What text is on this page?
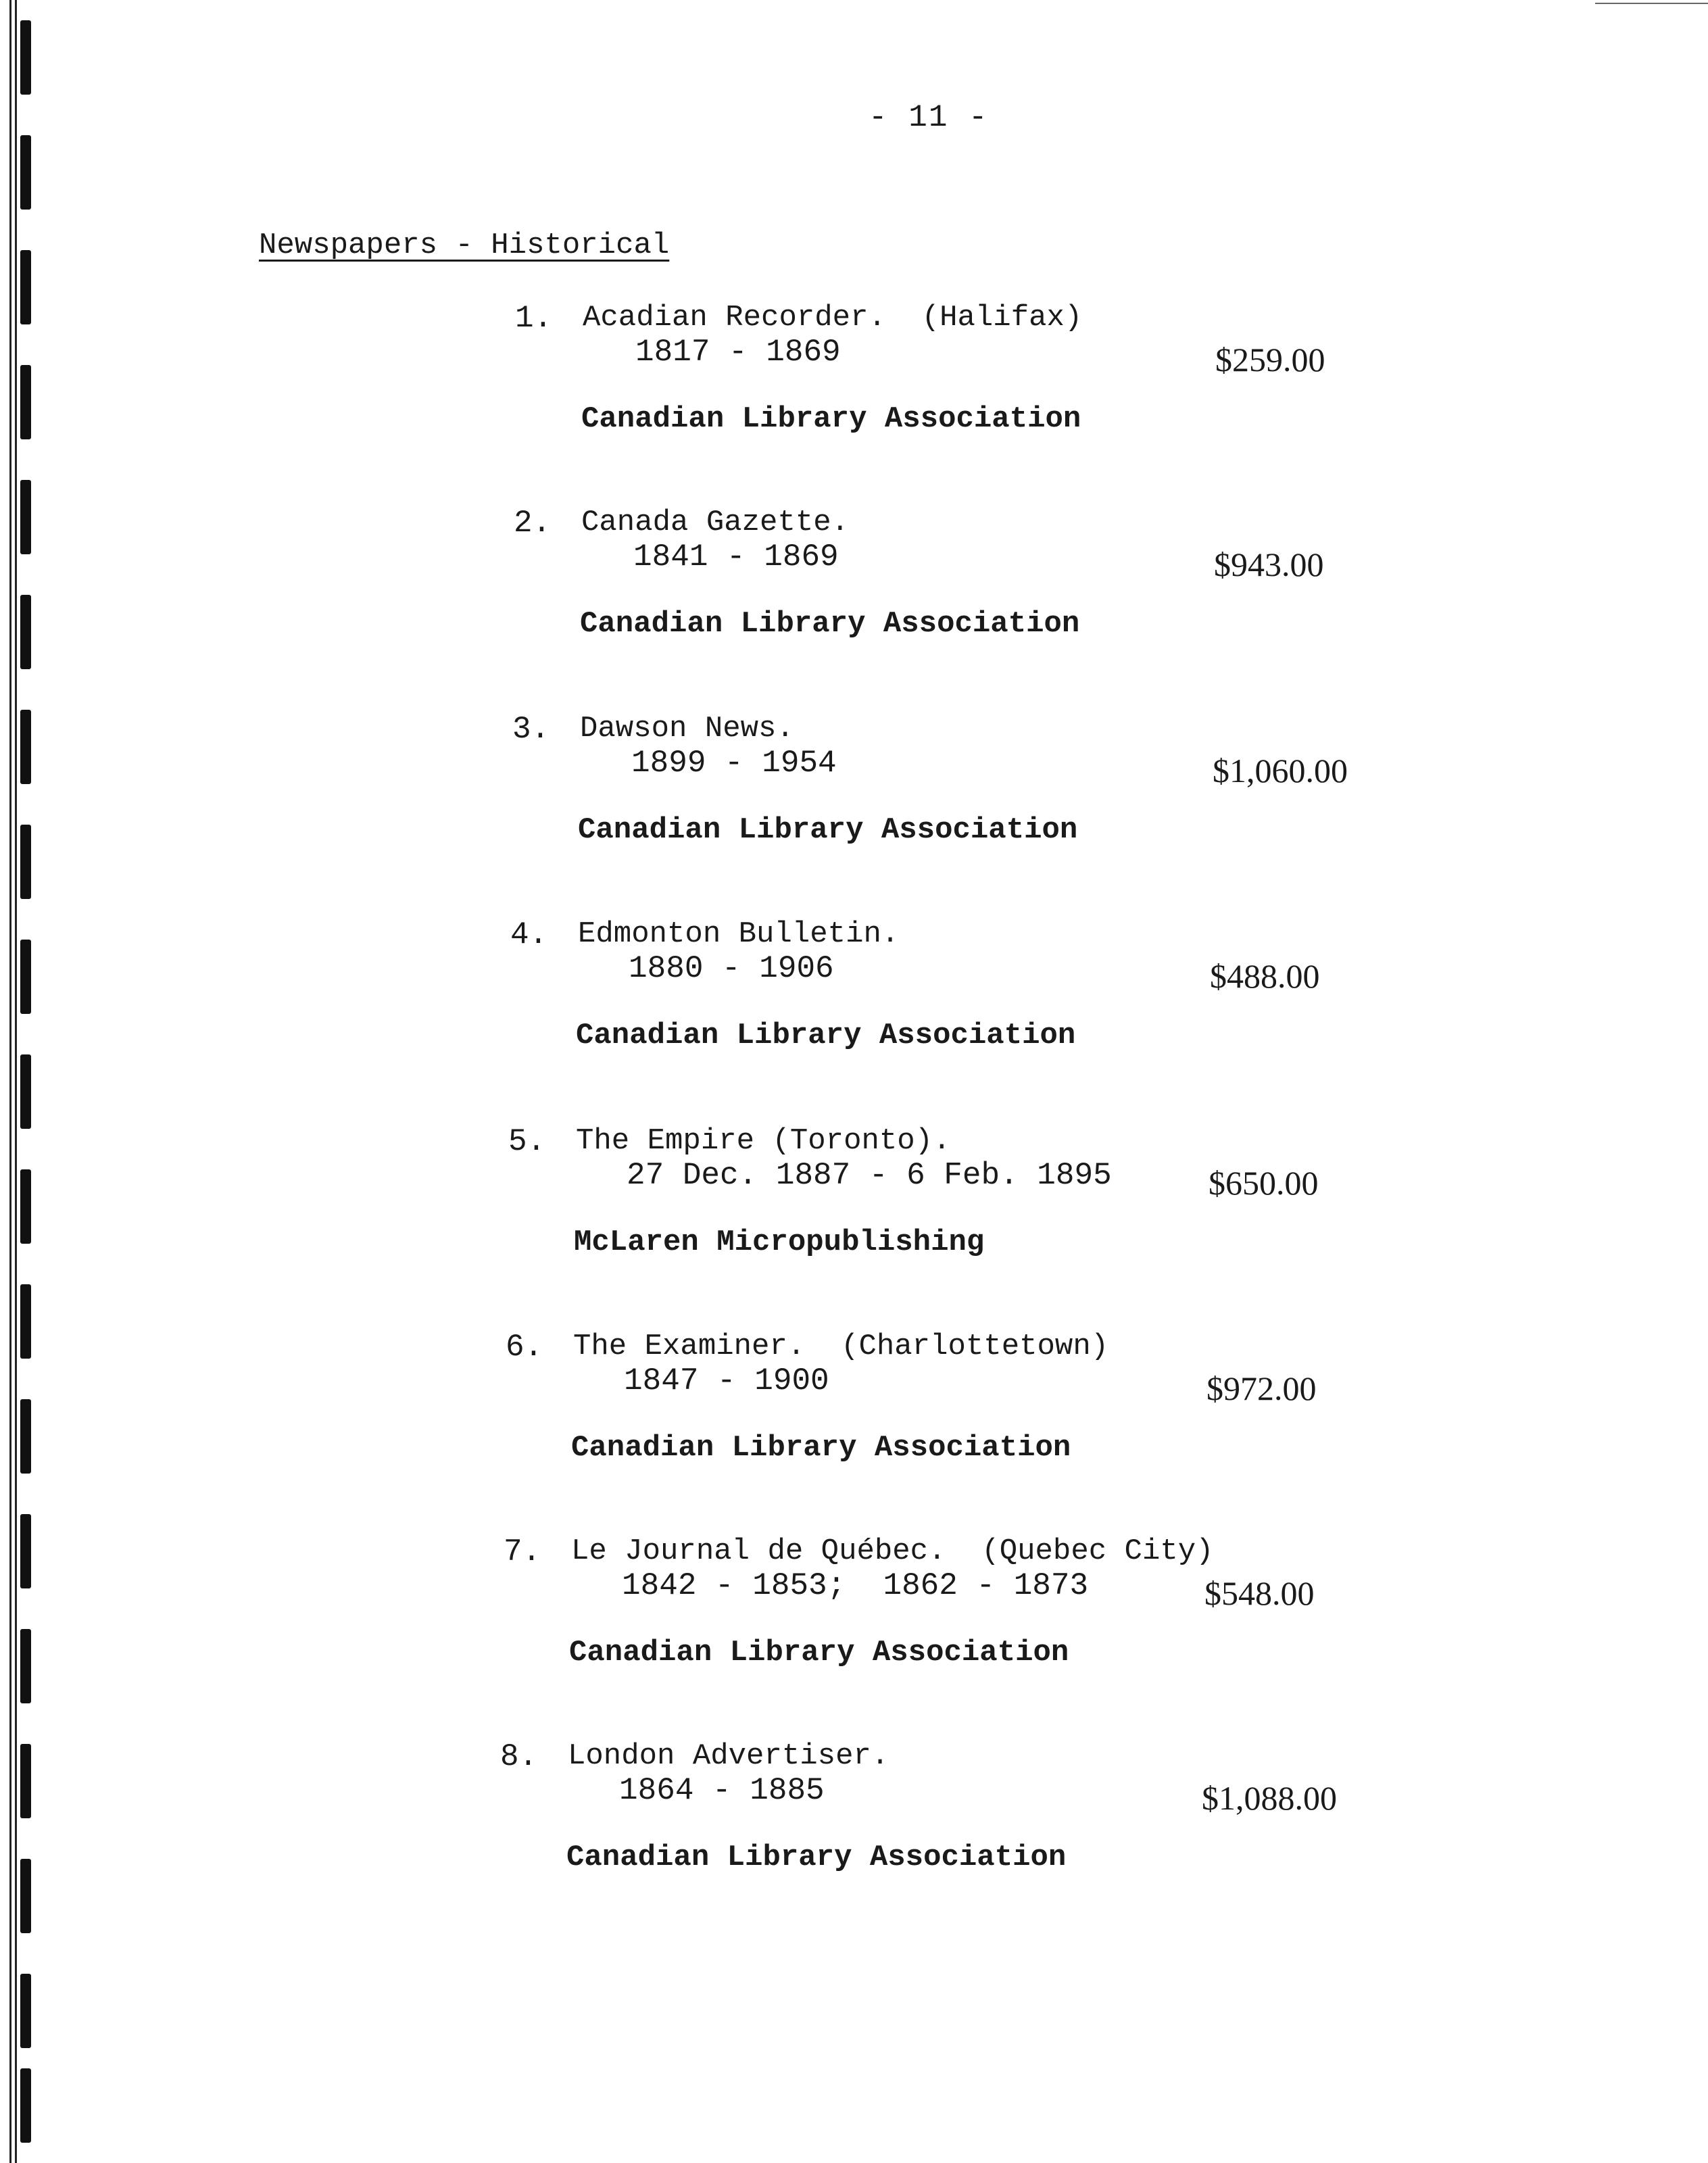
- 11 -
Newspapers - Historical
1. Acadian Recorder.  (Halifax)
1817 - 1869	$259.00
Canadian Library Association
2. Canada Gazette.
1841 - 1869	$943.00
Canadian Library Association
3. Dawson News.
1899 - 1954	$1,060.00
Canadian Library Association
4. Edmonton Bulletin.
1880 - 1906	$488.00
Canadian Library Association
5. The Empire (Toronto).
27 Dec. 1887 - 6 Feb. 1895	$650.00
McLaren Micropublishing
6. The Examiner.  (Charlottetown)
1847 - 1900	$972.00
Canadian Library Association
7. Le Journal de Québec.  (Quebec City)
1842 - 1853;  1862 - 1873	$548.00
Canadian Library Association
8. London Advertiser.
1864 - 1885	$1,088.00
Canadian Library Association
